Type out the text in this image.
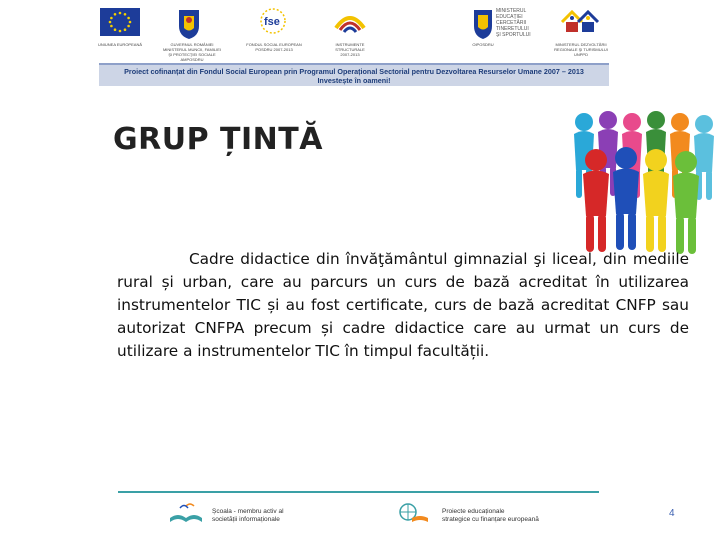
UNIUNEA EUROPEANĂ	GUVERNUL ROMÂNIEI
MINISTERUL MUNCII, FAMILIEI
ŞI PROTECŢIEI SOCIALE
AMPOSDRU
fse
FONDUL SOCIAL EUROPEAN
POSDRU 2007-2013
INSTRUMENTE STRUCTURALE
2007-2013
OIPOSDRU
MINISTERUL
EDUCAŢIEI
CERCETĂRII
TINERETULUI
ŞI SPORTULUI
MINISTERUL DEZVOLTĂRII
REGIONALE ŞI TURISMULUI
UNPPD
Proiect cofinanțat din Fondul Social European prin Programul Operațional Sectorial pentru Dezvoltarea Resurselor Umane 2007 – 2013
Investește în oameni!
GRUP ȚINTĂ
Cadre didactice din învăţământul gimnazial şi liceal, din mediile rural și urban, care au parcurs un curs de bază acreditat în utilizarea instrumentelor TIC și au fost certificate, curs de bază acreditat CNFP sau autorizat CNFPA precum și cadre didactice care au urmat un curs de utilizare a instrumentelor TIC în timpul facultății.
Școala - membru activ al
societății informaționale
Proiecte educaționale
strategice cu finanțare europeană
4
